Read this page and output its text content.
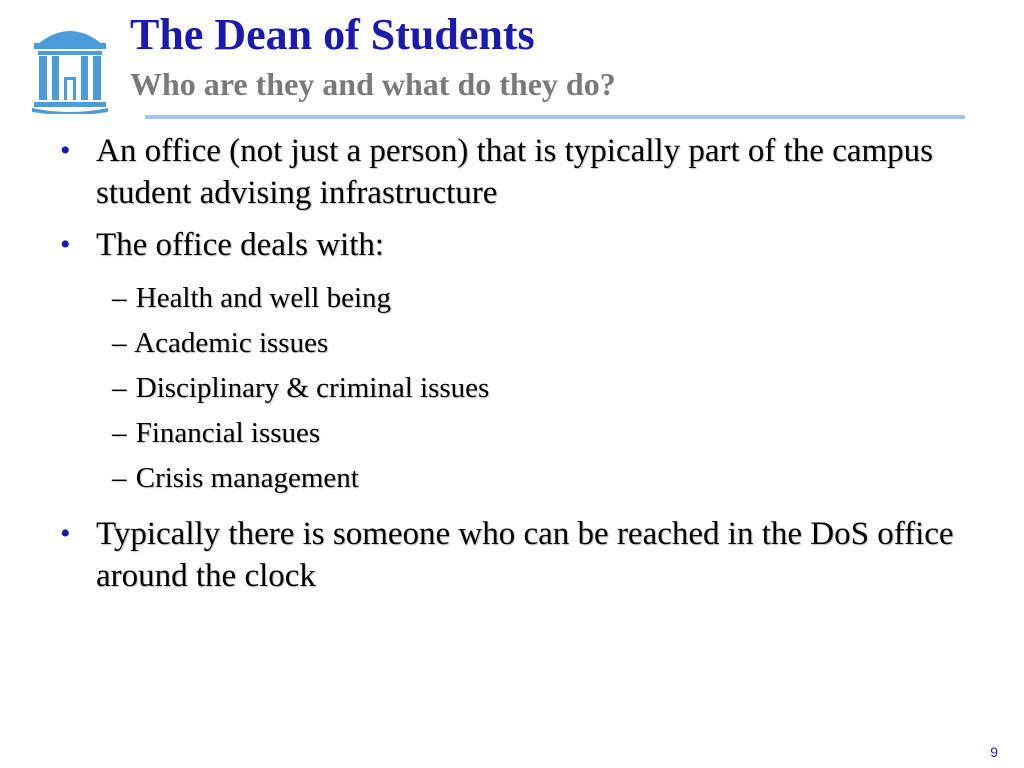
The Dean of Students
Who are they and what do they do?
• An office (not just a person) that is typically part of the campus student advising infrastructure
• The office deals with:
– Health and well being
– Academic issues
– Disciplinary & criminal issues
– Financial issues
– Crisis management
• Typically there is someone who can be reached in the DoS office around the clock
9
